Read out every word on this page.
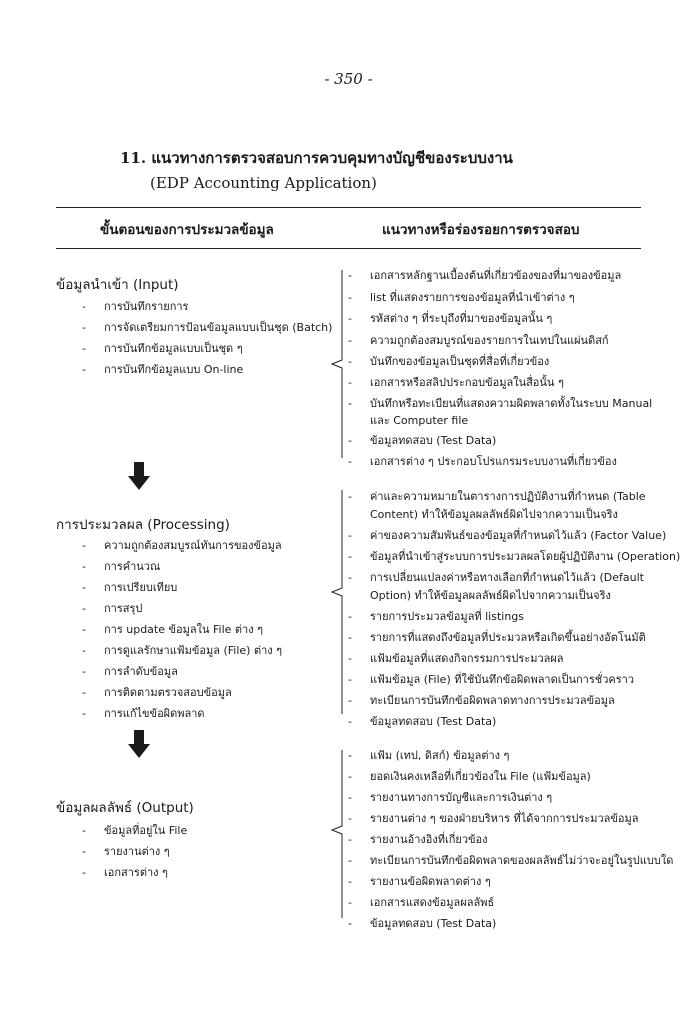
- 350 -
11. แนวทางการตรวจสอบการควบคุมทางบัญชีของระบบงาน
(EDP Accounting Application)
ขั้นตอนของการประมวลข้อมูล	แนวทางหรือร่องรอยการตรวจสอบ
ข้อมูลนำเข้า (Input)
- การบันทึกรายการ
- การจัดเตรียมการป้อนข้อมูลแบบเป็นชุด (Batch)
- การบันทึกข้อมูลแบบเป็นชุด ๆ
- การบันทึกข้อมูลแบบ On-line
- เอกสารหลักฐานเบื้องต้นที่เกี่ยวข้องของที่มาของข้อมูล
- list ที่แสดงรายการของข้อมูลที่นำเข้าต่าง ๆ
- รหัสต่าง ๆ ที่ระบุถึงที่มาของข้อมูลนั้น ๆ
- ความถูกต้องสมบูรณ์ของรายการในเทปในแผ่นดิสก์
- บันทึกของข้อมูลเป็นชุดที่สื่อที่เกี่ยวข้อง
- เอกสารหรือสลิปประกอบข้อมูลในสื่อนั้น ๆ
- บันทึกหรือทะเบียนที่แสดงความผิดพลาดทั้งในระบบ Manual
และ Computer file
- ข้อมูลทดสอบ (Test Data)
- เอกสารต่าง ๆ ประกอบโปรแกรมระบบงานที่เกี่ยวข้อง
การประมวลผล (Processing)
- ความถูกต้องสมบูรณ์ทันการของข้อมูล
- การคำนวณ
- การเปรียบเทียบ
- การสรุป
- การ update ข้อมูลใน File ต่าง ๆ
- การดูแลรักษาแฟ้มข้อมูล (File) ต่าง ๆ
- การลำดับข้อมูล
- การติดตามตรวจสอบข้อมูล
- การแก้ไขข้อผิดพลาด
- ค่าและความหมายในตารางการปฏิบัติงานที่กำหนด (Table
Content) ทำให้ข้อมูลผลลัพธ์ผิดไปจากความเป็นจริง
- ค่าของความสัมพันธ์ของข้อมูลที่กำหนดไว้แล้ว (Factor Value)
- ข้อมูลที่นำเข้าสู่ระบบการประมวลผลโดยผู้ปฏิบัติงาน (Operation)
- การเปลี่ยนแปลงค่าหรือทางเลือกที่กำหนดไว้แล้ว (Default
Option) ทำให้ข้อมูลผลลัพธ์ผิดไปจากความเป็นจริง
- รายการประมวลข้อมูลที่ listings
- รายการที่แสดงถึงข้อมูลที่ประมวลหรือเกิดขึ้นอย่างอัตโนมัติ
- แฟ้มข้อมูลที่แสดงกิจกรรมการประมวลผล
- แฟ้มข้อมูล (File) ที่ใช้บันทึกข้อผิดพลาดเป็นการชั่วคราว
- ทะเบียนการบันทึกข้อผิดพลาดทางการประมวลข้อมูล
- ข้อมูลทดสอบ (Test Data)
ข้อมูลผลลัพธ์ (Output)
- ข้อมูลที่อยู่ใน File
- รายงานต่าง ๆ
- เอกสารต่าง ๆ
- แฟ้ม (เทป, ดิสก์) ข้อมูลต่าง ๆ
- ยอดเงินคงเหลือที่เกี่ยวข้องใน File (แฟ้มข้อมูล)
- รายงานทางการบัญชีและการเงินต่าง ๆ
- รายงานต่าง ๆ ของฝ่ายบริหาร ที่ได้จากการประมวลข้อมูล
- รายงานอ้างอิงที่เกี่ยวข้อง
- ทะเบียนการบันทึกข้อผิดพลาดของผลลัพธ์ไม่ว่าจะอยู่ในรูปแบบใด
- รายงานข้อผิดพลาดต่าง ๆ
- เอกสารแสดงข้อมูลผลลัพธ์
- ข้อมูลทดสอบ (Test Data)
